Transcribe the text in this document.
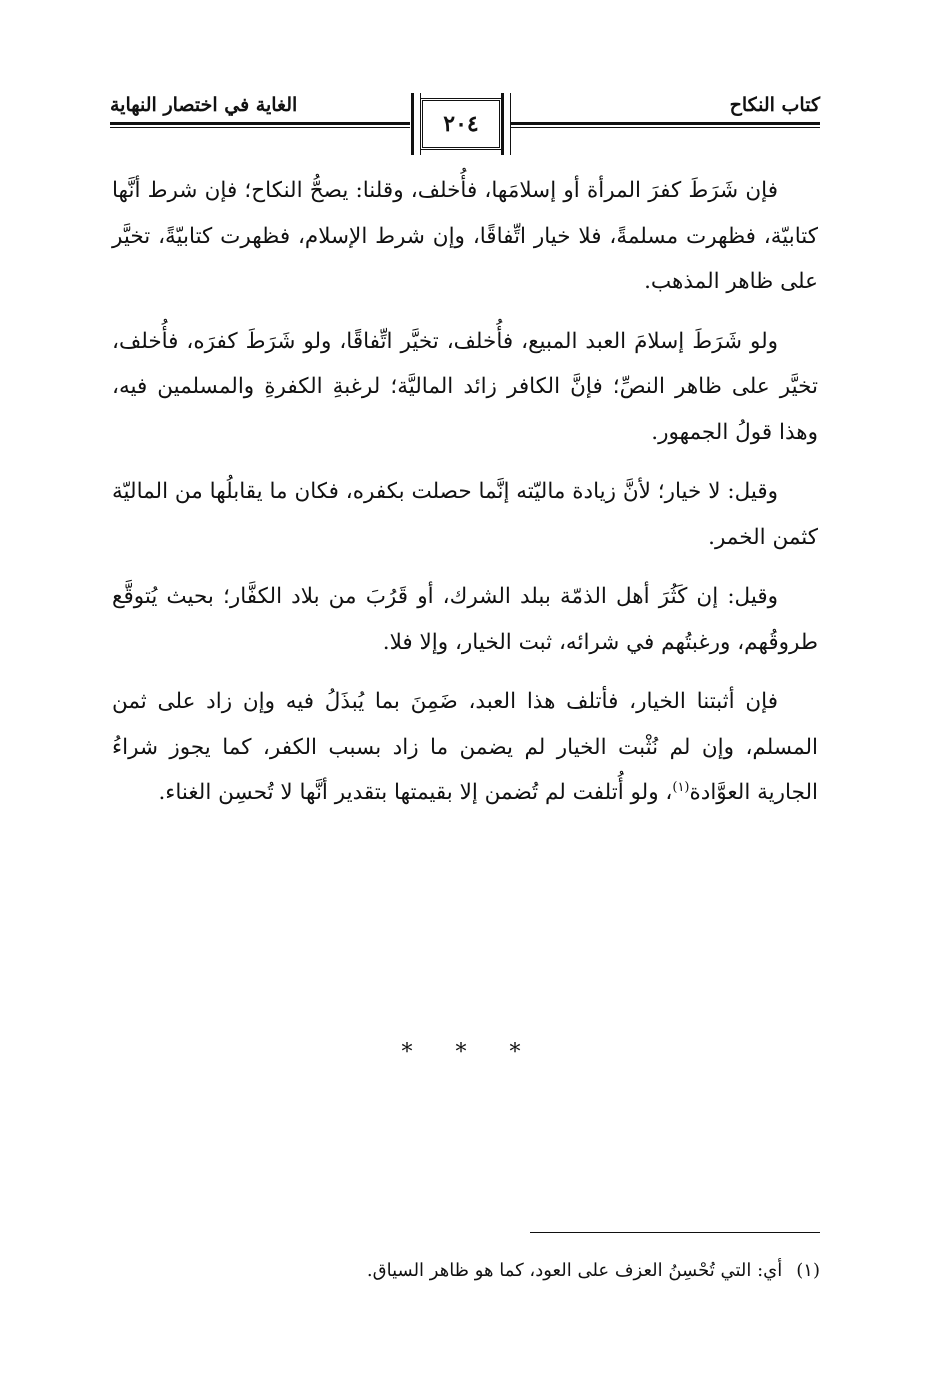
كتاب النكاح
الغاية في اختصار النهاية
٢٠٤

فإن شَرَطَ كفرَ المرأة أو إسلامَها، فأُخلف، وقلنا: يصحُّ النكاح؛ فإن شرط أنَّها كتابيّة، فظهرت مسلمةً، فلا خيار اتِّفاقًا، وإن شرط الإسلام، فظهرت كتابيّةً، تخيَّر على ظاهر المذهب.

ولو شَرَطَ إسلامَ العبد المبيع، فأُخلف، تخيَّر اتِّفاقًا، ولو شَرَطَ كفرَه، فأُخلف، تخيَّر على ظاهر النصِّ؛ فإنَّ الكافر زائد الماليَّة؛ لرغبةِ الكفرةِ والمسلمين فيه، وهذا قولُ الجمهور.

وقيل: لا خيار؛ لأنَّ زيادة ماليّته إنَّما حصلت بكفره، فكان ما يقابلُها من الماليّة كثمن الخمر.

وقيل: إن كَثُرَ أهل الذمّة ببلد الشرك، أو قَرُبَ من بلاد الكفَّار؛ بحيث يُتوقَّع طروقُهم، ورغبتُهم في شرائه، ثبت الخيار، وإلا فلا.

فإن أثبتنا الخيار، فأتلف هذا العبد، ضَمِنَ بما يُبذَلُ فيه وإن زاد على ثمن المسلم، وإن لم نُثْبت الخيار لم يضمن ما زاد بسبب الكفر، كما يجوز شراءُ الجارية العوَّادة$^{(١)}$، ولو أُتلفت لم تُضمن إلا بقيمتها بتقدير أنَّها لا تُحسِن الغناء.

* * *
(١)أي: التي تُحْسِنُ العزف على العود، كما هو ظاهر السياق.
